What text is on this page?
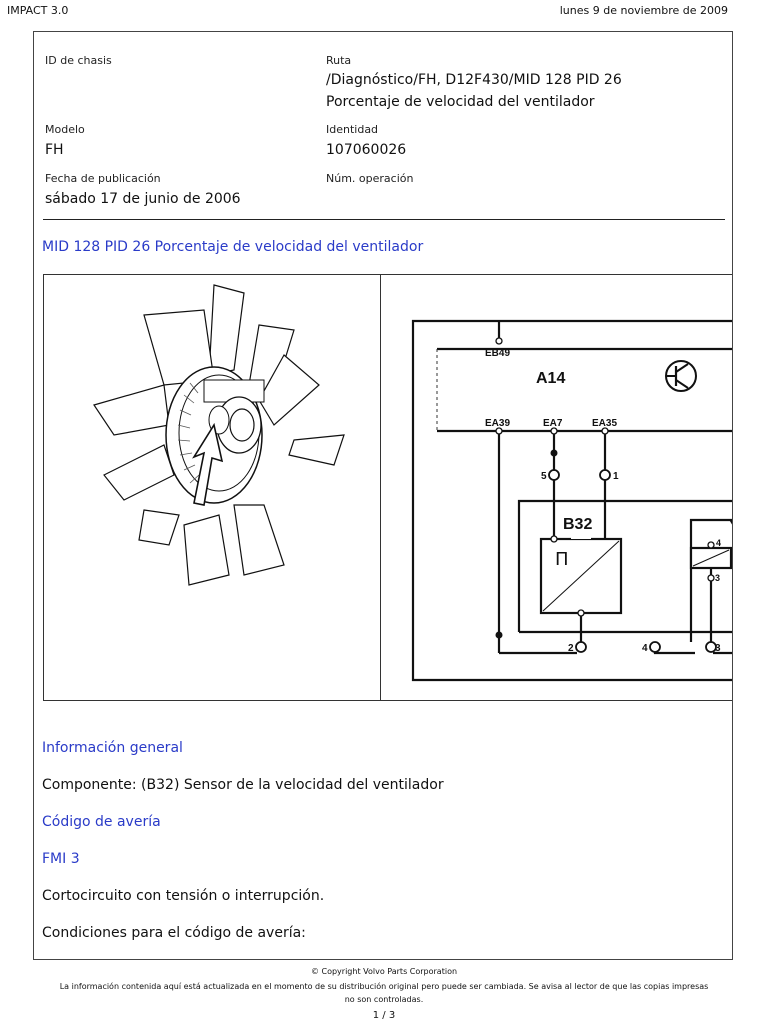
IMPACT 3.0	lunes 9 de noviembre de 2009
ID de chasis	Ruta
/Diagnóstico/FH, D12F430/MID 128 PID 26
Porcentaje de velocidad del ventilador
Modelo
FH
Identidad
107060026
Fecha de publicación
sábado 17 de junio de 2006
Núm. operación
MID 128 PID 26 Porcentaje de velocidad del ventilador
Π
EB49
A14
EA39	EA7	EA35
5	1
B32	Y
2	4	3
4
3
Información general
Componente: (B32) Sensor de la velocidad del ventilador
Código de avería
FMI 3
Cortocircuito con tensión o interrupción.
Condiciones para el código de avería:
© Copyright Volvo Parts Corporation
La información contenida aquí está actualizada en el momento de su distribución original pero puede ser cambiada. Se avisa al lector de que las copias impresas no son controladas.
1 / 3
